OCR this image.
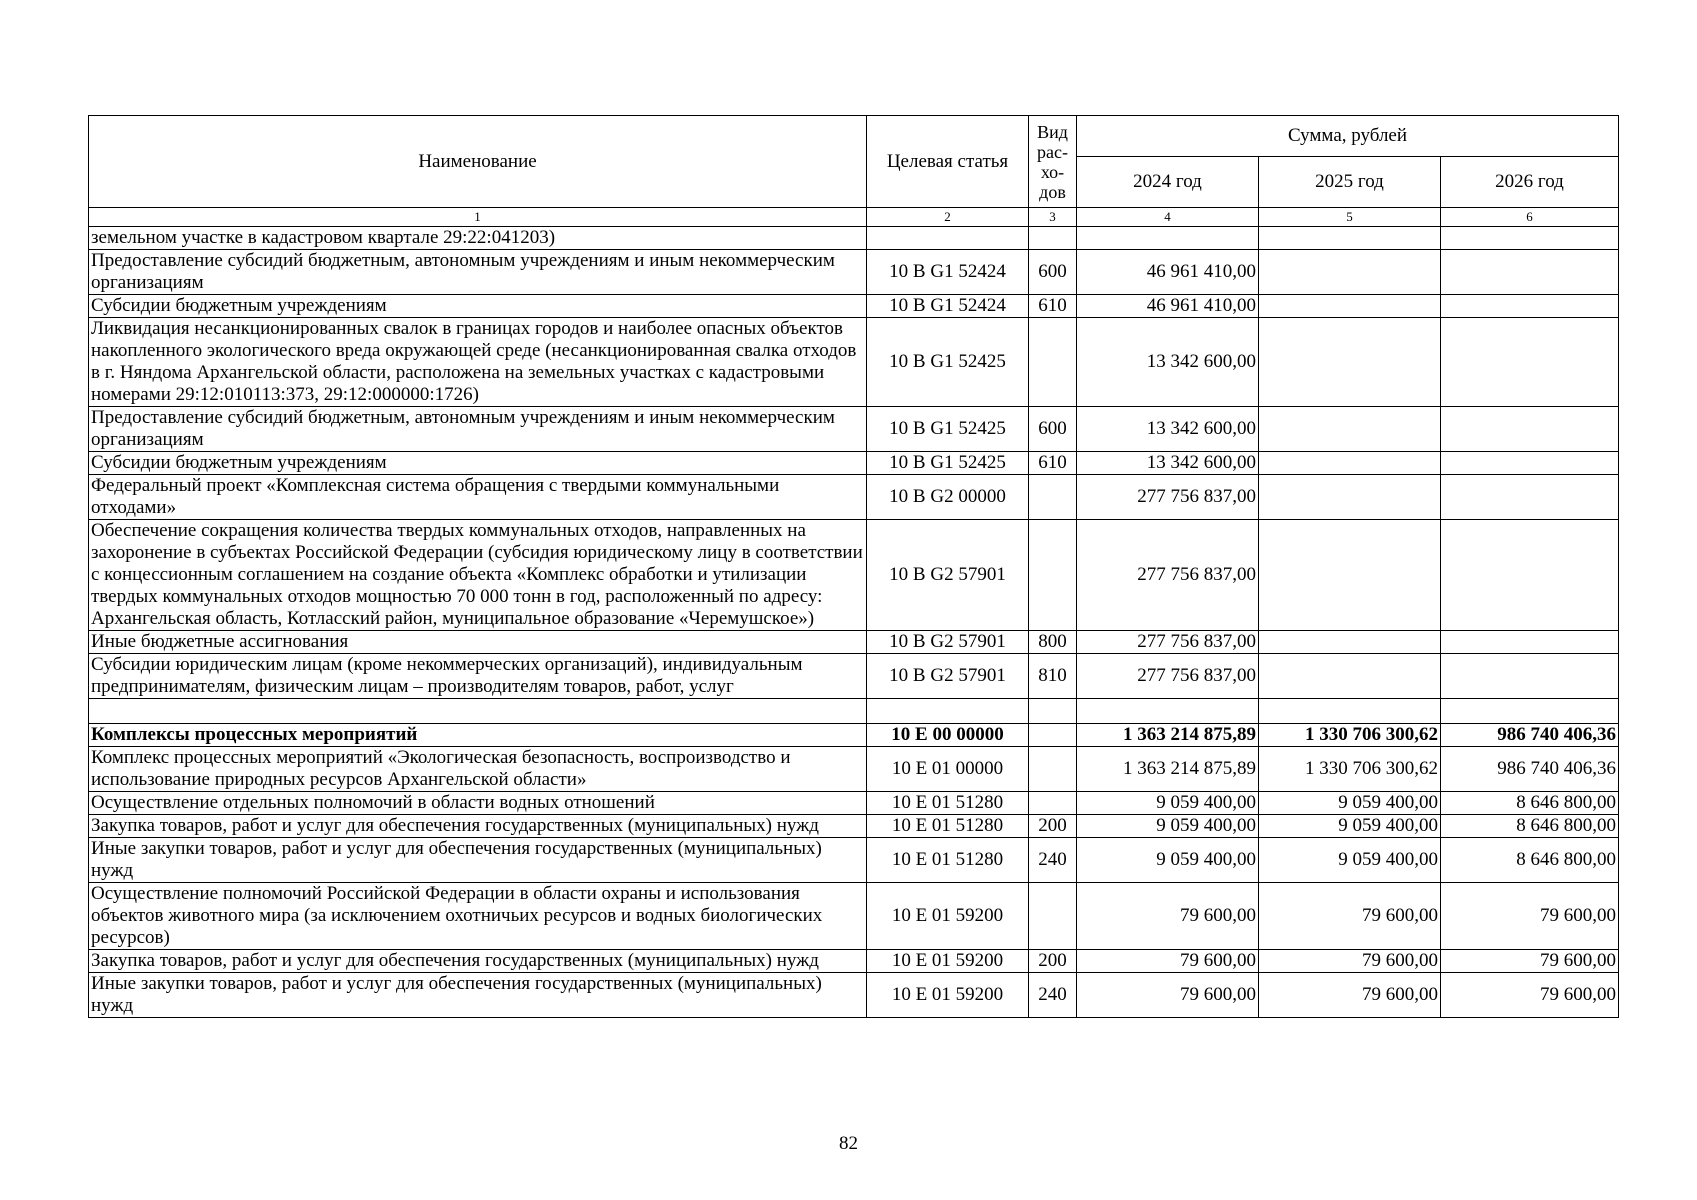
Наименование	Целевая статья	Вид рас-хо-дов	Сумма, рублей		
			2024 год	2025 год	2026 год
1	2	3	4	5	6
земельном участке в кадастровом квартале 29:22:041203)					
Предоставление субсидий бюджетным, автономным учреждениям и иным некоммерческим организациям	10 В G1 52424	600	46 961 410,00		
Субсидии бюджетным учреждениям	10 В G1 52424	610	46 961 410,00		
Ликвидация несанкционированных свалок в границах городов и наиболее опасных объектов накопленного экологического вреда окружающей среде (несанкционированная свалка отходов в г. Няндома Архангельской области, расположена на земельных участках с кадастровыми номерами 29:12:010113:373, 29:12:000000:1726)	10 В G1 52425		13 342 600,00		
Предоставление субсидий бюджетным, автономным учреждениям и иным некоммерческим организациям	10 В G1 52425	600	13 342 600,00		
Субсидии бюджетным учреждениям	10 В G1 52425	610	13 342 600,00		
Федеральный проект «Комплексная система обращения с твердыми коммунальными отходами»	10 В G2 00000		277 756 837,00		
Обеспечение сокращения количества твердых коммунальных отходов, направленных на захоронение в субъектах Российской Федерации (субсидия юридическому лицу в соответствии с концессионным соглашением на создание объекта «Комплекс обработки и утилизации твердых коммунальных отходов мощностью 70 000 тонн в год, расположенный по адресу: Архангельская область, Котласский район, муниципальное образование «Черемушское»)	10 В G2 57901		277 756 837,00		
Иные бюджетные ассигнования	10 В G2 57901	800	277 756 837,00		
Субсидии юридическим лицам (кроме некоммерческих организаций), индивидуальным предпринимателям, физическим лицам – производителям товаров, работ, услуг	10 В G2 57901	810	277 756 837,00		

Комплексы процессных мероприятий	10 Е 00 00000		1 363 214 875,89	1 330 706 300,62	986 740 406,36
Комплекс процессных мероприятий «Экологическая безопасность, воспроизводство и использование природных ресурсов Архангельской области»	10 Е 01 00000		1 363 214 875,89	1 330 706 300,62	986 740 406,36
Осуществление отдельных полномочий в области водных отношений	10 Е 01 51280		9 059 400,00	9 059 400,00	8 646 800,00
Закупка товаров, работ и услуг для обеспечения государственных (муниципальных) нужд	10 Е 01 51280	200	9 059 400,00	9 059 400,00	8 646 800,00
Иные закупки товаров, работ и услуг для обеспечения государственных (муниципальных) нужд	10 Е 01 51280	240	9 059 400,00	9 059 400,00	8 646 800,00
Осуществление полномочий Российской Федерации в области охраны и использования объектов животного мира (за исключением охотничьих ресурсов и водных биологических ресурсов)	10 Е 01 59200		79 600,00	79 600,00	79 600,00
Закупка товаров, работ и услуг для обеспечения государственных (муниципальных) нужд	10 Е 01 59200	200	79 600,00	79 600,00	79 600,00
Иные закупки товаров, работ и услуг для обеспечения государственных (муниципальных) нужд	10 Е 01 59200	240	79 600,00	79 600,00	79 600,00
82
